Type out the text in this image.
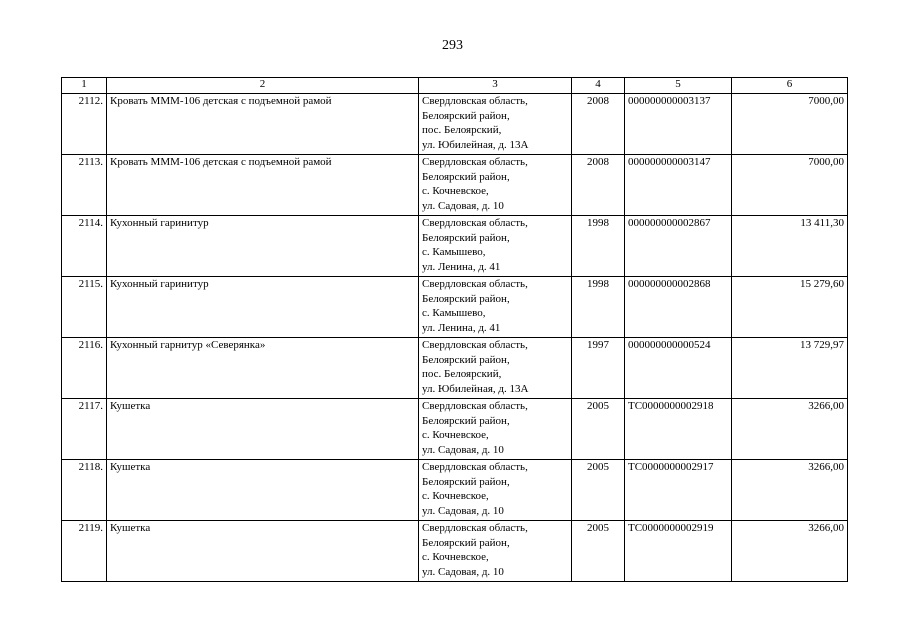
293
1	2	3	4	5	6
2112.	Кровать ММM-106 детская с подъемной рамой	Свердловская область,
Белоярский район,
пос. Белоярский,
ул. Юбилейная, д. 13А	2008	000000000003137	7000,00
2113.	Кровать ММM-106 детская с подъемной рамой	Свердловская область,
Белоярский район,
с. Кочневское,
ул. Садовая, д. 10	2008	000000000003147	7000,00
2114.	Кухонный гаринитур	Свердловская область,
Белоярский район,
с. Камышево,
ул. Ленина, д. 41	1998	000000000002867	13 411,30
2115.	Кухонный гаринитур	Свердловская область,
Белоярский район,
с. Камышево,
ул. Ленина, д. 41	1998	000000000002868	15 279,60
2116.	Кухонный гарнитур «Северянка»	Свердловская область,
Белоярский район,
пос. Белоярский,
ул. Юбилейная, д. 13А	1997	000000000000524	13 729,97
2117.	Кушетка	Свердловская область,
Белоярский район,
с. Кочневское,
ул. Садовая, д. 10	2005	ТС0000000002918	3266,00
2118.	Кушетка	Свердловская область,
Белоярский район,
с. Кочневское,
ул. Садовая, д. 10	2005	ТС0000000002917	3266,00
2119.	Кушетка	Свердловская область,
Белоярский район,
с. Кочневское,
ул. Садовая, д. 10	2005	ТС0000000002919	3266,00
